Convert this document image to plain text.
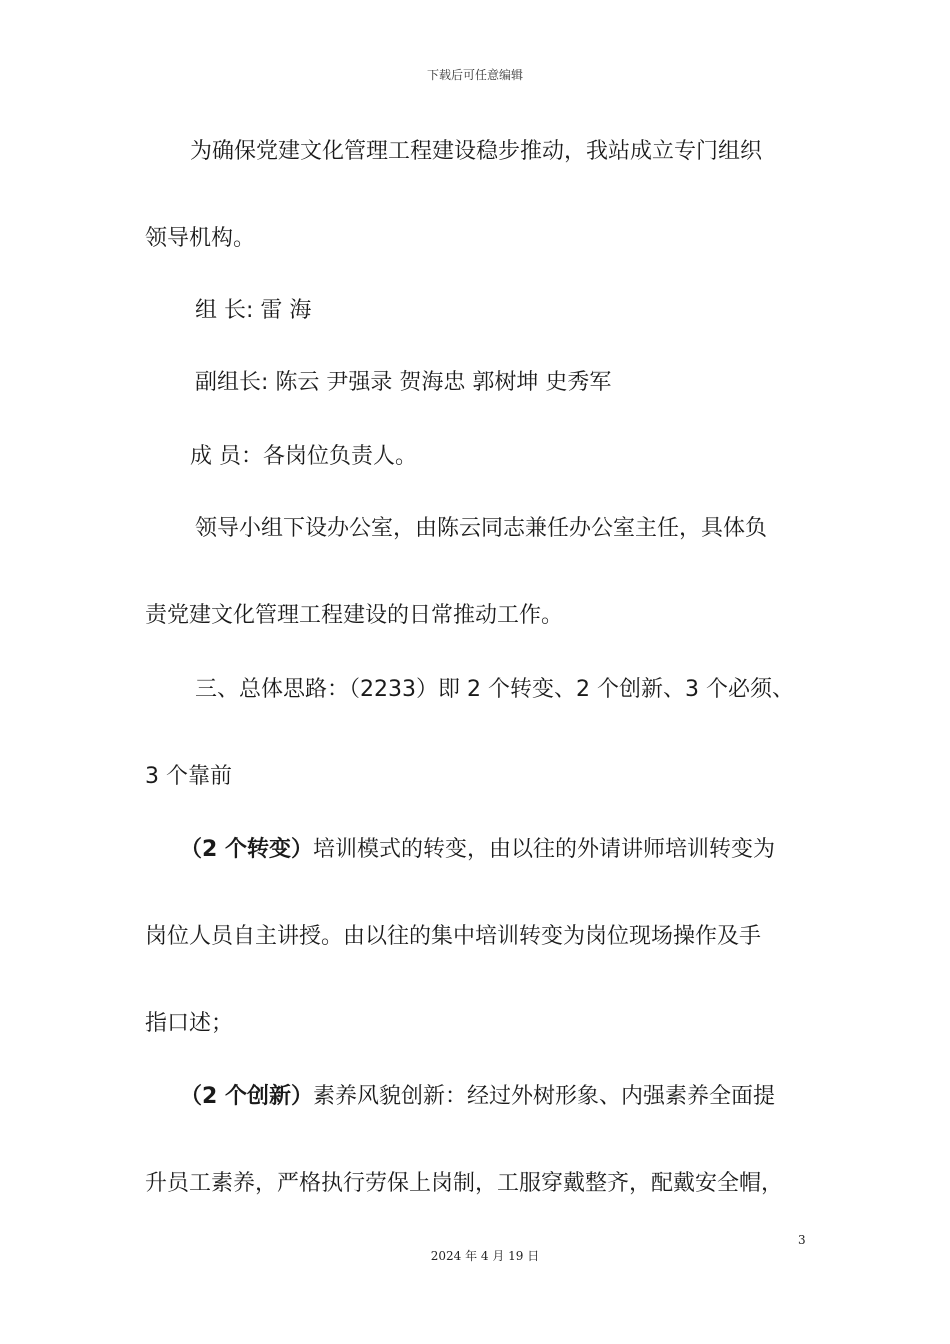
下载后可任意编辑
为确保党建文化管理工程建设稳步推动，我站成立专门组织
领导机构。
组 长: 雷 海
副组长: 陈云 尹强录 贺海忠 郭树坤 史秀军
成 员：各岗位负责人。
领导小组下设办公室，由陈云同志兼任办公室主任，具体负
责党建文化管理工程建设的日常推动工作。
三、总体思路：（2233）即 2 个转变、2 个创新、3 个必须、
3 个靠前
（2 个转变）培训模式的转变，由以往的外请讲师培训转变为
岗位人员自主讲授。由以往的集中培训转变为岗位现场操作及手
指口述；
（2 个创新）素养风貌创新：经过外树形象、内强素养全面提
升员工素养，严格执行劳保上岗制，工服穿戴整齐，配戴安全帽，
3
2024 年 4 月 19 日
